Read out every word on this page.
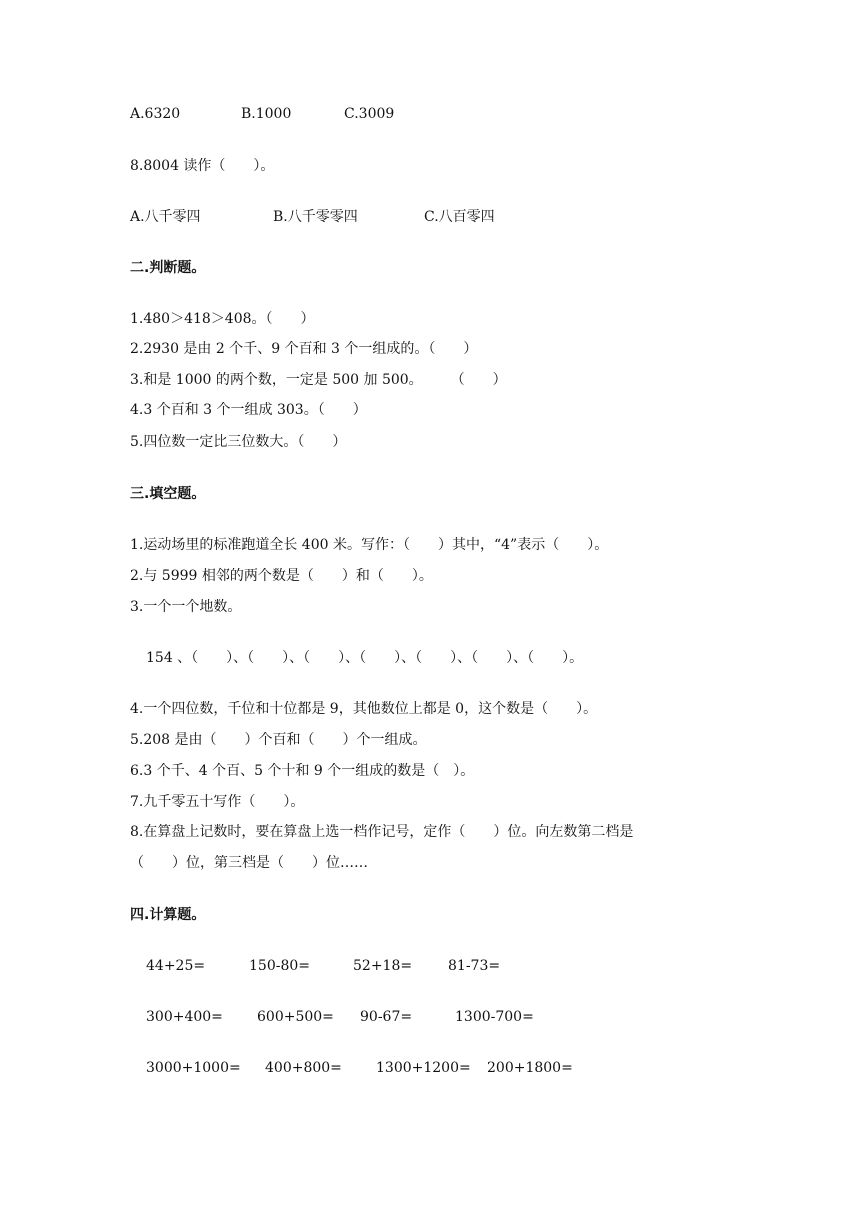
A.6320	B.1000	C.3009
8.8004 读作（　　）。
A.八千零四	B.八千零零四	C.八百零四
二.判断题。
1.480＞418＞408。（　　）
2.2930 是由 2 个千、9 个百和 3 个一组成的。（　　）
3.和是 1000 的两个数，一定是 500 加 500。　　　（　　）
4.3 个百和 3 个一组成 303。（　　）
5.四位数一定比三位数大。（　　）
三.填空题。
1.运动场里的标准跑道全长 400 米。写作：（　　）其中，“4”表示（　　）。
2.与 5999 相邻的两个数是（　　）和（　　）。
3.一个一个地数。
154 、（　　）、（　　）、（　　）、（　　）、（　　）、（　　）、（　　）。
4.一个四位数，千位和十位都是 9，其他数位上都是 0，这个数是（　　）。
5.208 是由（　　）个百和（　　）个一组成。
6.3 个千、4 个百、5 个十和 9 个一组成的数是（　）。
7.九千零五十写作（　　）。
8.在算盘上记数时，要在算盘上选一档作记号，定作（　　）位。向左数第二档是
（　　）位，第三档是（　　）位……
四.计算题。
44+25=	150-80=	52+18=	81-73=
300+400= 600+500= 90-67=	1300-700=
3000+1000= 400+800= 1300+1200= 200+1800=
